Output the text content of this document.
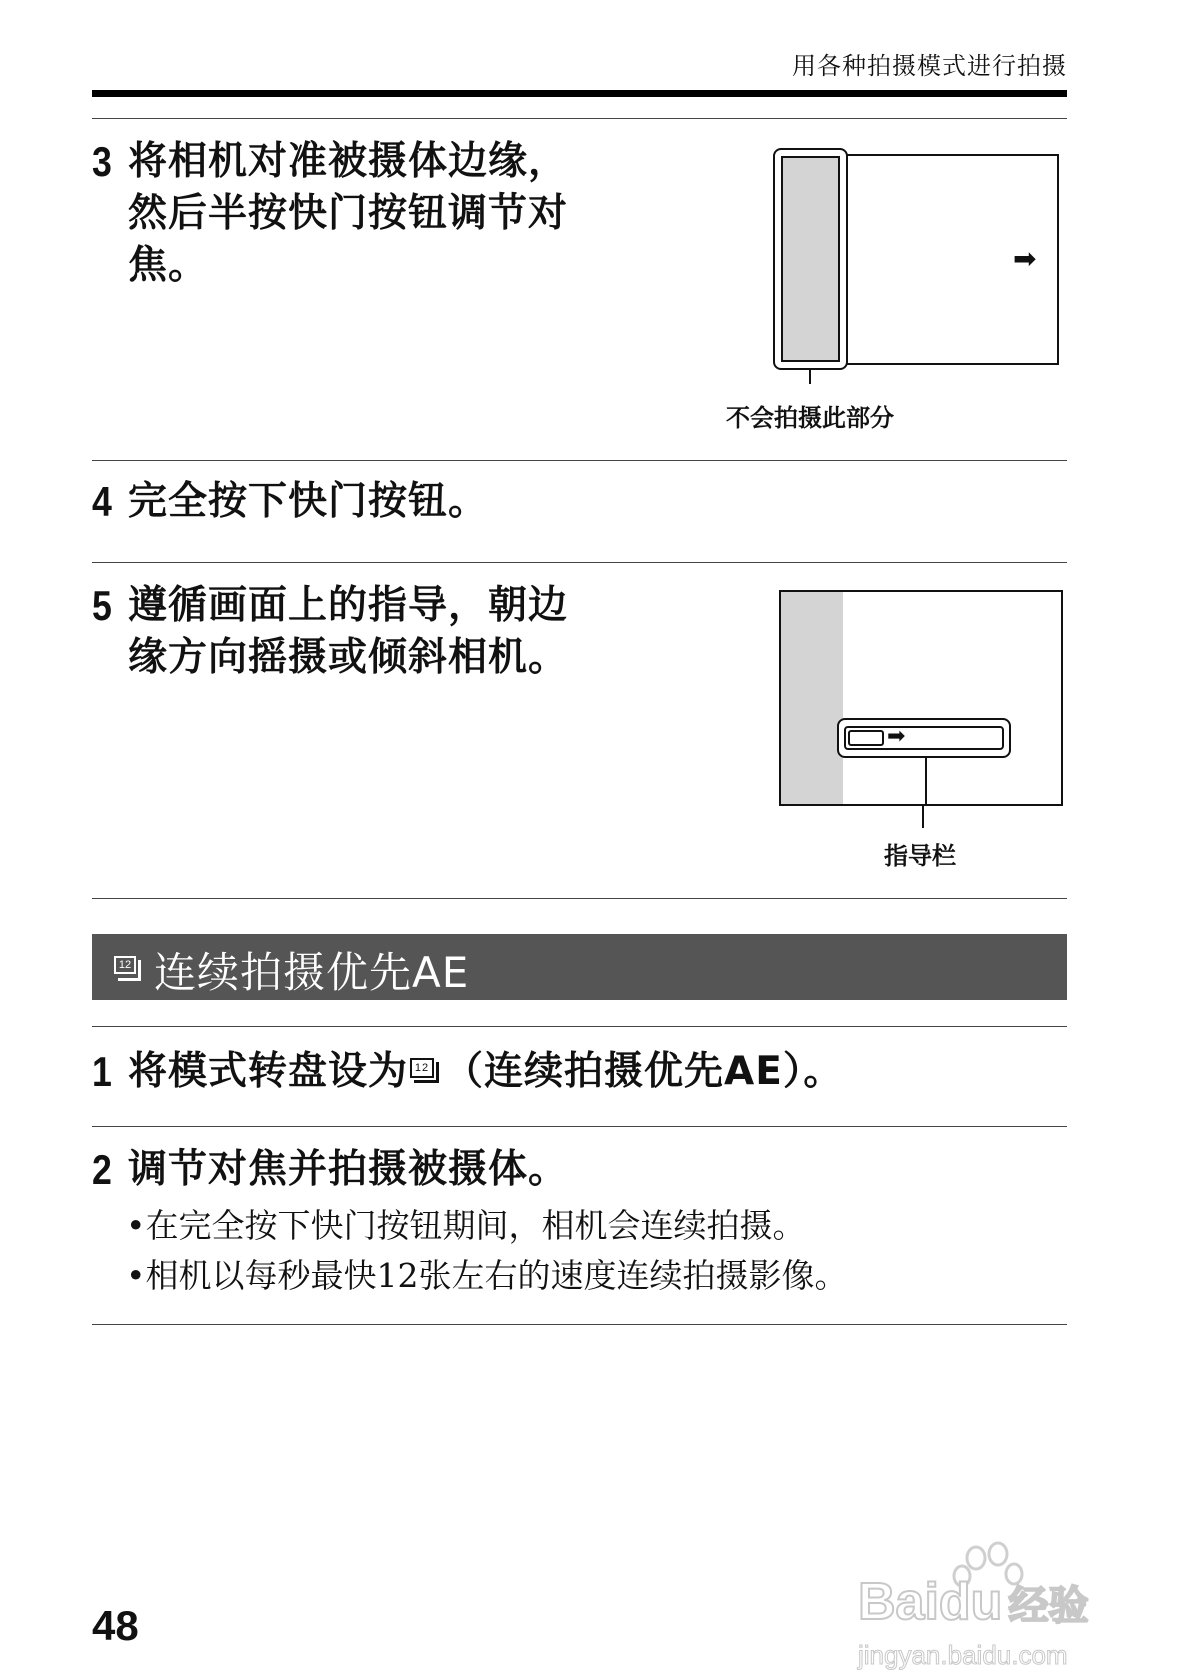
用各种拍摄模式进行拍摄
3 将相机对准被摄体边缘，
然后半按快门按钮调节对
焦。	➡
不会拍摄此部分
4 完全按下快门按钮。
5 遵循画面上的指导，朝边
缘方向摇摄或倾斜相机。
➡
指导栏
12 连续拍摄优先AE
1 将模式转盘设为 12 （连续拍摄优先AE）。
2 调节对焦并拍摄被摄体。
•在完全按下快门按钮期间，相机会连续拍摄。
•相机以每秒最快12张左右的速度连续拍摄影像。
48	Baidu 经验
jingyan.baidu.com
